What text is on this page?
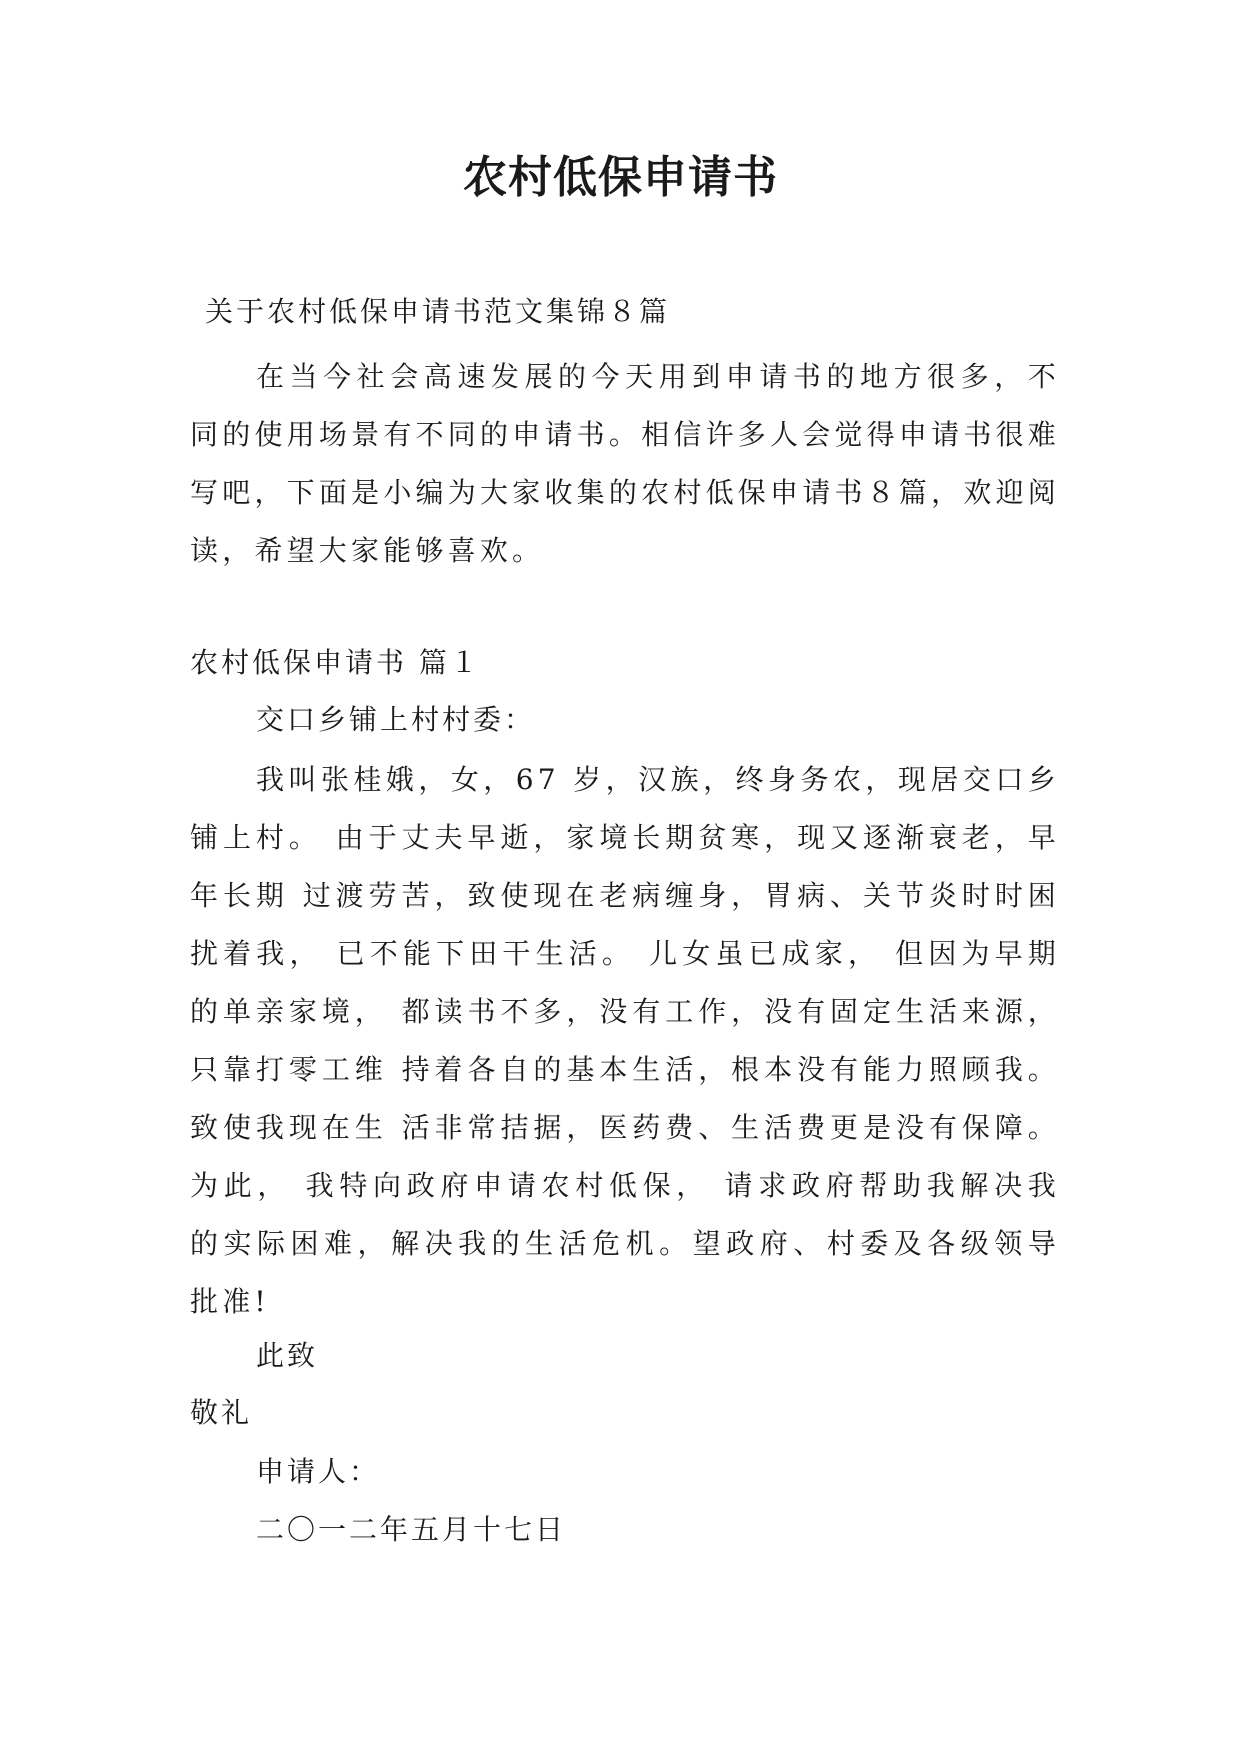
农村低保申请书
关于农村低保申请书范文集锦８篇
在当今社会高速发展的今天用到申请书的地方很多，不同的使用场景有不同的申请书。相信许多人会觉得申请书很难写吧，下面是小编为大家收集的农村低保申请书８篇，欢迎阅读，希望大家能够喜欢。
农村低保申请书 篇１
交口乡铺上村村委：
我叫张桂娥，女，67 岁，汉族，终身务农，现居交口乡 铺上村。 由于丈夫早逝，家境长期贫寒，现又逐渐衰老，早年长期 过渡劳苦，致使现在老病缠身，胃病、关节炎时时困扰着我， 已不能下田干生活。 儿女虽已成家， 但因为早期的单亲家境， 都读书不多，没有工作，没有固定生活来源，只靠打零工维 持着各自的基本生活，根本没有能力照顾我。致使我现在生 活非常拮据，医药费、生活费更是没有保障。 为此， 我特向政府申请农村低保， 请求政府帮助我解决我 的实际困难，解决我的生活危机。望政府、村委及各级领导 批准!
此致
敬礼
申请人：
二〇一二年五月十七日
